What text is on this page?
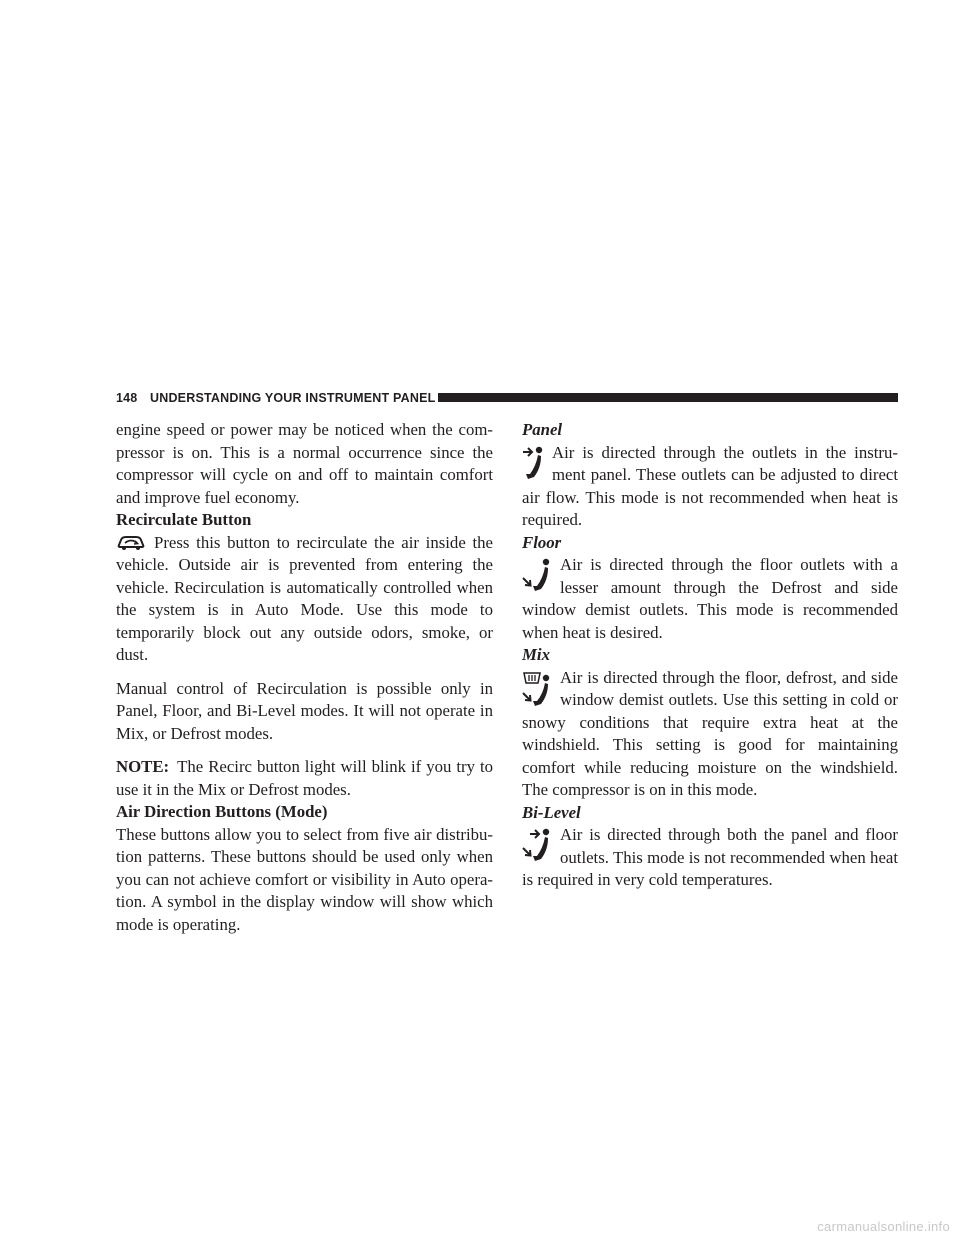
148 UNDERSTANDING YOUR INSTRUMENT PANEL

engine speed or power may be noticed when the com-pressor is on. This is a normal occurrence since the compressor will cycle on and off to maintain comfort and improve fuel economy.

Recirculate Button

Press this button to recirculate the air inside the vehicle. Outside air is prevented from entering the vehicle. Recirculation is automatically controlled when the system is in Auto Mode. Use this mode to temporarily block out any outside odors, smoke, or dust.

Manual control of Recirculation is possible only in Panel, Floor, and Bi-Level modes. It will not operate in Mix, or Defrost modes.

NOTE: The Recirc button light will blink if you try to use it in the Mix or Defrost modes.

Air Direction Buttons (Mode)

These buttons allow you to select from five air distribu-tion patterns. These buttons should be used only when you can not achieve comfort or visibility in Auto opera-tion. A symbol in the display window will show which mode is operating.

Panel

Air is directed through the outlets in the instru-ment panel. These outlets can be adjusted to direct air flow. This mode is not recommended when heat is required.

Floor

Air is directed through the floor outlets with a lesser amount through the Defrost and side window demist outlets. This mode is recommended when heat is desired.

Mix

Air is directed through the floor, defrost, and side window demist outlets. Use this setting in cold or snowy conditions that require extra heat at the windshield. This setting is good for maintaining comfort while reducing moisture on the windshield. The compressor is on in this mode.

Bi-Level

Air is directed through both the panel and floor outlets. This mode is not recommended when heat is required in very cold temperatures.

carmanualsonline.info
